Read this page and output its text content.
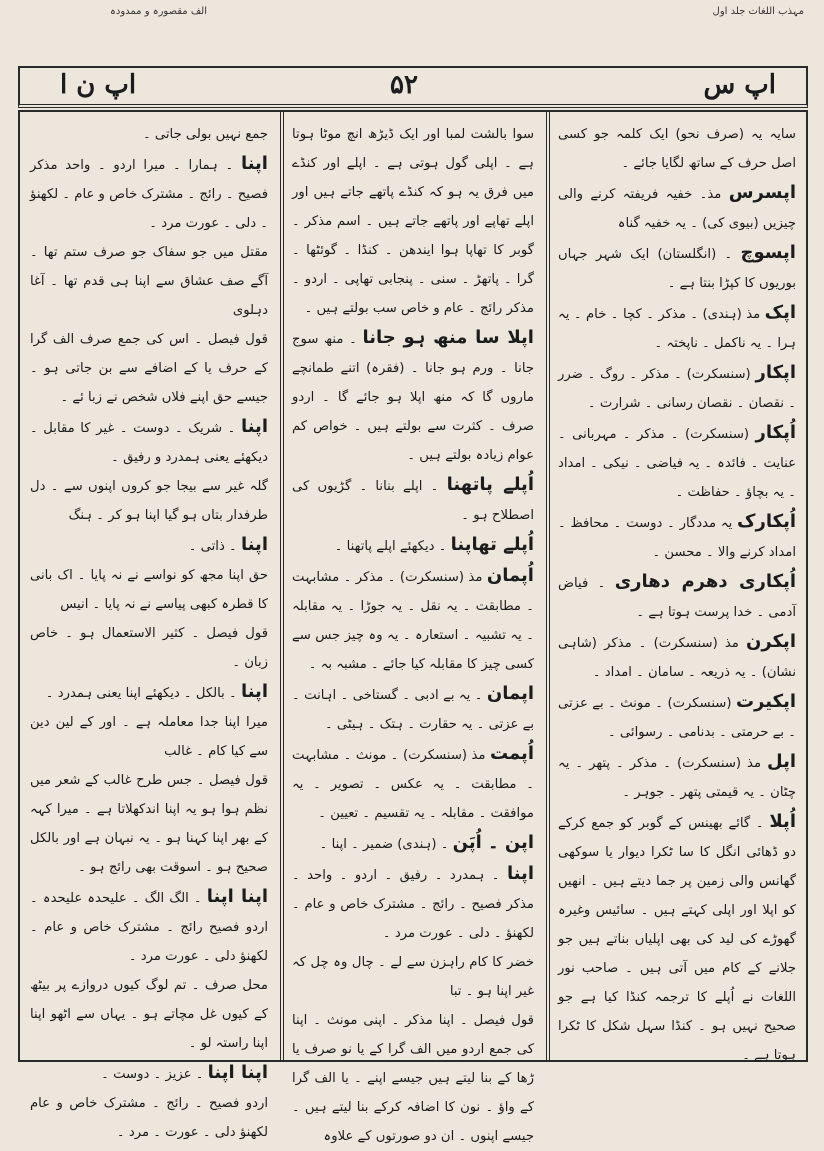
الف مقصورہ و ممدودہ	مہذب اللغات جلد اول
اپ ن ا	۵۲	اپ س

سایہ یہ (صرف نحو) ایک کلمہ جو کسی اصل حرف کے ساتھ لگایا جائے ۔

اپسرس مذ۔ خفیہ فریفتہ کرنے والی چیزیں (بیوی کی) ۔ یہ خفیہ گناہ

اپسوچ ۔ (انگلستان) ایک شہر جہاں بوریوں کا کپڑا بنتا ہے ۔

اپک مذ (ہندی) ۔ مذکر ۔ کچا ۔ خام ۔ یہ ہرا ۔ یہ ناکمل ۔ ناپختہ ۔

اپکار (سنسکرت) ۔ مذکر ۔ روگ ۔ ضرر ۔ نقصان ۔ نقصان رسانی ۔ شرارت ۔

اُپکار (سنسکرت) ۔ مذکر ۔ مہربانی ۔ عنایت ۔ فائدہ ۔ یہ فیاضی ۔ نیکی ۔ امداد ۔ یہ بچاؤ ۔ حفاظت ۔

اُپکارک یہ مددگار ۔ دوست ۔ محافظ ۔ امداد کرنے والا ۔ محسن ۔

اُپکاری دھرم دھاری ۔ فیاض آدمی ۔ خدا پرست ہوتا ہے ۔

اپکرن مذ (سنسکرت) ۔ مذکر (شاہی نشان) ۔ یہ ذریعہ ۔ سامان ۔ امداد ۔

اپکیرت (سنسکرت) ۔ مونث ۔ بے عزتی ۔ بے حرمتی ۔ بدنامی ۔ رسوائی ۔

اپل مذ (سنسکرت) ۔ مذکر ۔ پتھر ۔ یہ چٹان ۔ یہ قیمتی پتھر ۔ جوہر ۔

اُپلا ۔ گائے بھینس کے گوبر کو جمع کرکے دو ڈھائی انگل کا سا ٹکرا دیوار یا سوکھی گھانس والی زمین پر جما دیتے ہیں ۔ انھیں کو اپلا اور اپلی کہتے ہیں ۔ سائیس وغیرہ گھوڑے کی لید کی بھی اپلیاں بناتے ہیں جو جلانے کے کام میں آتی ہیں ۔ صاحب نور اللغات نے اُپلے کا ترجمہ کنڈا کیا ہے جو صحیح نہیں ہو ۔ کنڈا سہل شکل کا ٹکرا ہوتا ہے ۔

سوا بالشت لمبا اور ایک ڈیڑھ انچ موٹا ہوتا ہے ۔ اپلی گول ہوتی ہے ۔ اپلے اور کنڈے میں فرق یہ ہو کہ کنڈے پاتھے جاتے ہیں اور اپلے تھاپے اور پاتھے جاتے ہیں ۔ اسم مذکر ۔ گوبر کا تھاپا ہوا ایندھن ۔ کنڈا ۔ گوئٹھا ۔ گرا ۔ پاتھڑ ۔ سنی ۔ پنجابی تھاپی ۔ اردو ۔ مذکر رائج ۔ عام و خاص سب بولتے ہیں ۔

اپلا سا منھ ہو جانا ۔ منھ سوج جانا ۔ ورم ہو جانا ۔ (فقرہ) اتنے طمانچے ماروں گا کہ منھ اپلا ہو جائے گا ۔ اردو صرف ۔ کثرت سے بولتے ہیں ۔ خواص کم عوام زیادہ بولتے ہیں ۔

اُپلے پاتھنا ۔ اپلے بنانا ۔ گڑیوں کی اصطلاح ہو ۔

اُپلے تھاپنا ۔ دیکھئے اپلے پاتھنا ۔

اُپمان مذ (سنسکرت) ۔ مذکر ۔ مشابہت ۔ مطابقت ۔ یہ نقل ۔ یہ جوڑا ۔ یہ مقابلہ ۔ یہ تشبیہ ۔ استعارہ ۔ یہ وہ چیز جس سے کسی چیز کا مقابلہ کیا جائے ۔ مشبہ بہ ۔

اپمان ۔ یہ بے ادبی ۔ گستاخی ۔ اہانت ۔ بے عزتی ۔ یہ حقارت ۔ ہتک ۔ ہیٹی ۔

اُپمت مذ (سنسکرت) ۔ مونث ۔ مشابہت ۔ مطابقت ۔ یہ عکس ۔ تصویر ۔ یہ موافقت ۔ مقابلہ ۔ یہ تقسیم ۔ تعیین ۔

اپن ۔ اُپَن ۔ (ہندی) ضمیر ۔ اپنا ۔

اپنا ۔ ہمدرد ۔ رفیق ۔ اردو ۔ واحد ۔ مذکر فصیح ۔ رائج ۔ مشترک خاص و عام ۔ لکھنؤ ۔ دلی ۔ عورت مرد ۔

خضر کا کام راہزن سے لے ۔ چال وہ چل کہ غیر اپنا ہو ۔ تبا

قول فیصل ۔ اپنا مذکر ۔ اپنی مونث ۔ اپنا کی جمع اردو میں الف گرا کے یا نو صرف یا ڑھا کے بنا لیتے ہیں جیسے اپنے ۔ یا الف گرا کے واؤ ۔ نون کا اضافہ کرکے بنا لیتے ہیں ۔ جیسے اپنوں ۔ ان دو صورتوں کے علاوہ

جمع نہیں بولی جاتی ۔

اپنا ۔ ہمارا ۔ میرا اردو ۔ واحد مذکر فصیح ۔ رائج ۔ مشترک خاص و عام ۔ لکھنؤ ۔ دلی ۔ عورت مرد ۔

مقتل میں جو سفاک جو صرف ستم تھا ۔ آگے صف عشاق سے اپنا ہی قدم تھا ۔ آغا دہلوی

قول فیصل ۔ اس کی جمع صرف الف گرا کے حرف یا کے اضافے سے بن جاتی ہو ۔ جیسے حق اپنے فلاں شخص نے زبا ئے ۔

اپنا ۔ شریک ۔ دوست ۔ غیر کا مقابل ۔ دیکھئے یعنی ہمدرد و رفیق ۔

گلہ غیر سے بیجا جو کروں اپنوں سے ۔ دل طرفدار بتاں ہو گیا اپنا ہو کر ۔ ہنگ

اپنا ۔ ذاتی ۔

حق اپنا مجھ کو نواسے نے نہ پایا ۔ اک بانی کا قطرہ کبھی پیاسے نے نہ پایا ۔ انیس

قول فیصل ۔ کثیر الاستعمال ہو ۔ خاص زبان ۔

اپنا ۔ بالکل ۔ دیکھئے اپنا یعنی ہمدرد ۔

میرا اپنا جدا معاملہ ہے ۔ اور کے لین دین سے کیا کام ۔ غالب

قول فیصل ۔ جس طرح غالب کے شعر میں نظم ہوا ہو یہ اپنا اندکھلاتا ہے ۔ میرا کہہ کے بھر اپنا کہنا ہو ۔ یہ نبہان ہے اور بالکل صحیح ہو ۔ اسوقت بھی رائج ہو ۔

اپنا اپنا ۔ الگ الگ ۔ علیحدہ علیحدہ ۔ اردو فصیح رائج ۔ مشترک خاص و عام ۔ لکھنؤ دلی ۔ عورت مرد ۔

محل صرف ۔ تم لوگ کیوں دروازے پر بیٹھ کے کیوں غل مچاتے ہو ۔ یہاں سے اٹھو اپنا اپنا راستہ لو ۔

اپنا اپنا ۔ عزیز ۔ دوست ۔

اردو فصیح ۔ رائج ۔ مشترک خاص و عام لکھنؤ دلی ۔ عورت ۔ مرد ۔
